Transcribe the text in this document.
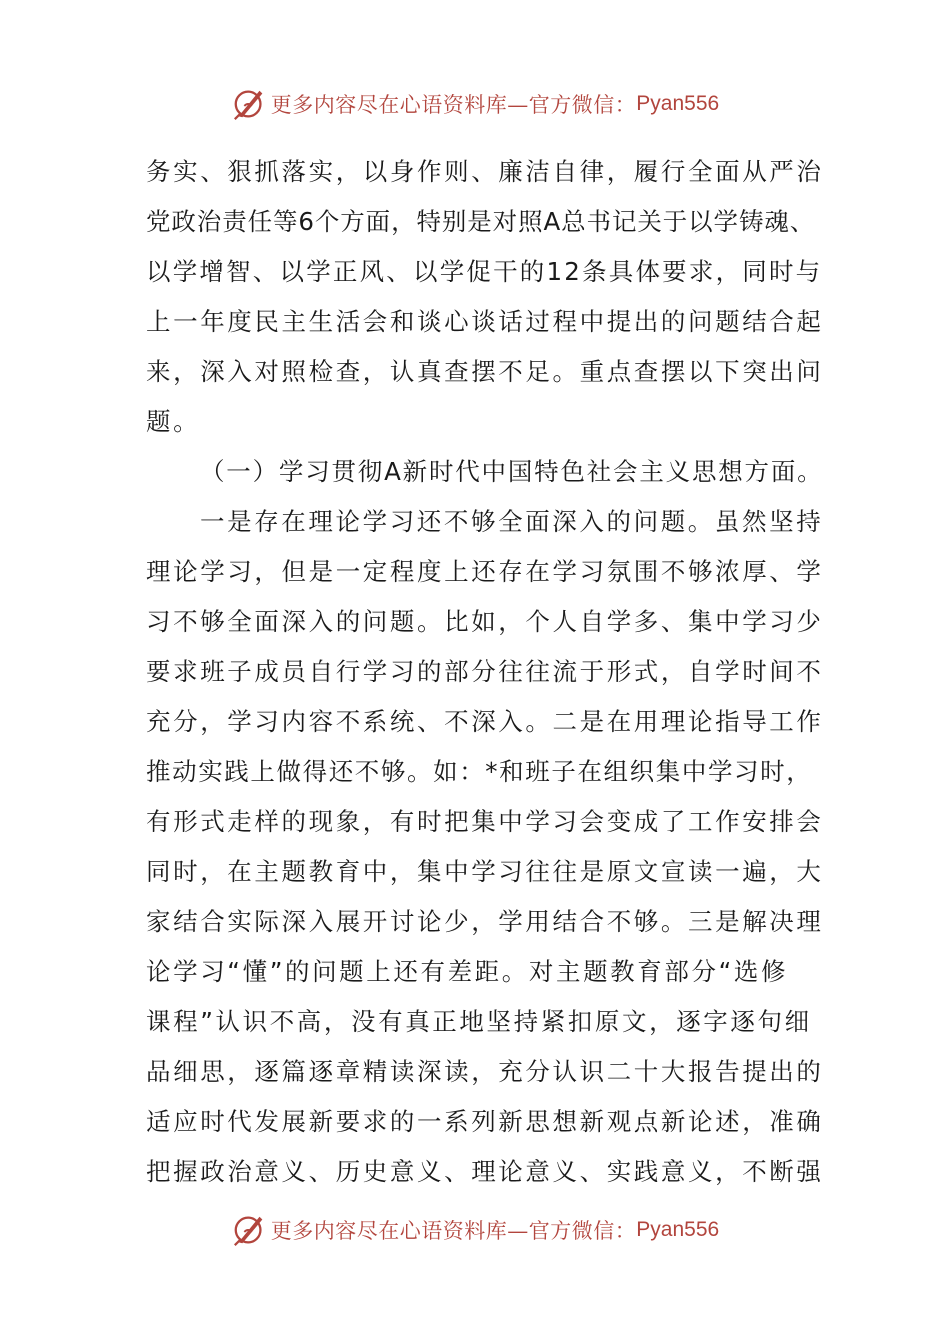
更多内容尽在心语资料库—官方微信： Pyan556
务实、狠抓落实，以身作则、廉洁自律，履行全面从严治
党政治责任等6个方面，特别是对照A总书记关于以学铸魂、
以学增智、以学正风、以学促干的12条具体要求，同时与
上一年度民主生活会和谈心谈话过程中提出的问题结合起
来，深入对照检查，认真查摆不足。重点查摆以下突出问
题。
（一）学习贯彻A新时代中国特色社会主义思想方面。
一是存在理论学习还不够全面深入的问题。虽然坚持
理论学习，但是一定程度上还存在学习氛围不够浓厚、学
习不够全面深入的问题。比如，个人自学多、集中学习少
要求班子成员自行学习的部分往往流于形式，自学时间不
充分，学习内容不系统、不深入。二是在用理论指导工作
推动实践上做得还不够。如：*和班子在组织集中学习时，
有形式走样的现象，有时把集中学习会变成了工作安排会
同时，在主题教育中，集中学习往往是原文宣读一遍，大
家结合实际深入展开讨论少，学用结合不够。三是解决理
论学习“懂”的问题上还有差距。对主题教育部分“选修
课程”认识不高，没有真正地坚持紧扣原文，逐字逐句细
品细思，逐篇逐章精读深读，充分认识二十大报告提出的
适应时代发展新要求的一系列新思想新观点新论述，准确
把握政治意义、历史意义、理论意义、实践意义，不断强
更多内容尽在心语资料库—官方微信： Pyan556
